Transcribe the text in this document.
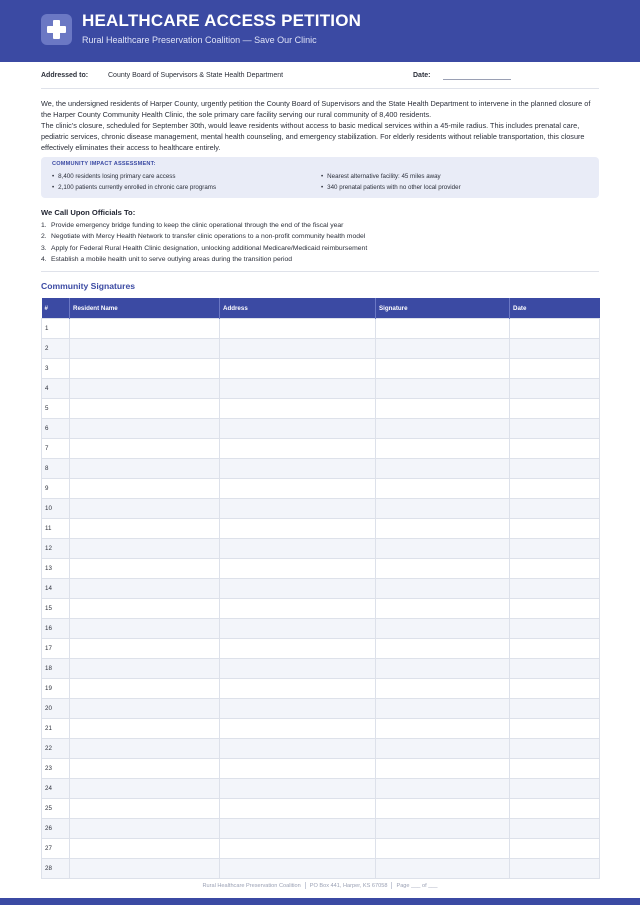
HEALTHCARE ACCESS PETITION
Rural Healthcare Preservation Coalition — Save Our Clinic
Addressed to:	County Board of Supervisors & State Health Department	Date:

We, the undersigned residents of Harper County, urgently petition the County Board of Supervisors and the State Health Department to intervene in the planned closure of the Harper County Community Health Clinic, the sole primary care facility serving our rural community of 8,400 residents.

The clinic's closure, scheduled for September 30th, would leave residents without access to basic medical services within a 45-mile radius. This includes prenatal care, pediatric services, chronic disease management, mental health counseling, and emergency stabilization. For elderly residents without reliable transportation, this closure effectively eliminates their access to healthcare entirely.

COMMUNITY IMPACT ASSESSMENT:
• 8,400 residents losing primary care access
• 2,100 patients currently enrolled in chronic care programs
• Nearest alternative facility: 45 miles away
• 340 prenatal patients with no other local provider
We Call Upon Officials To:
1. Provide emergency bridge funding to keep the clinic operational through the end of the fiscal year
2. Negotiate with Mercy Health Network to transfer clinic operations to a non-profit community health model
3. Apply for Federal Rural Health Clinic designation, unlocking additional Medicare/Medicaid reimbursement
4. Establish a mobile health unit to serve outlying areas during the transition period
Community Signatures
#	Resident Name	Address	Signature	Date
1				
2				
3				
4				
5				
6				
7				
8				
9				
10				
11				
12				
13				
14				
15				
16				
17				
18				
19				
20				
21				
22				
23				
24				
25				
26				
27				
28				
Rural Healthcare Preservation Coalition PO Box 441, Harper, KS 67058 Page ___ of ___
